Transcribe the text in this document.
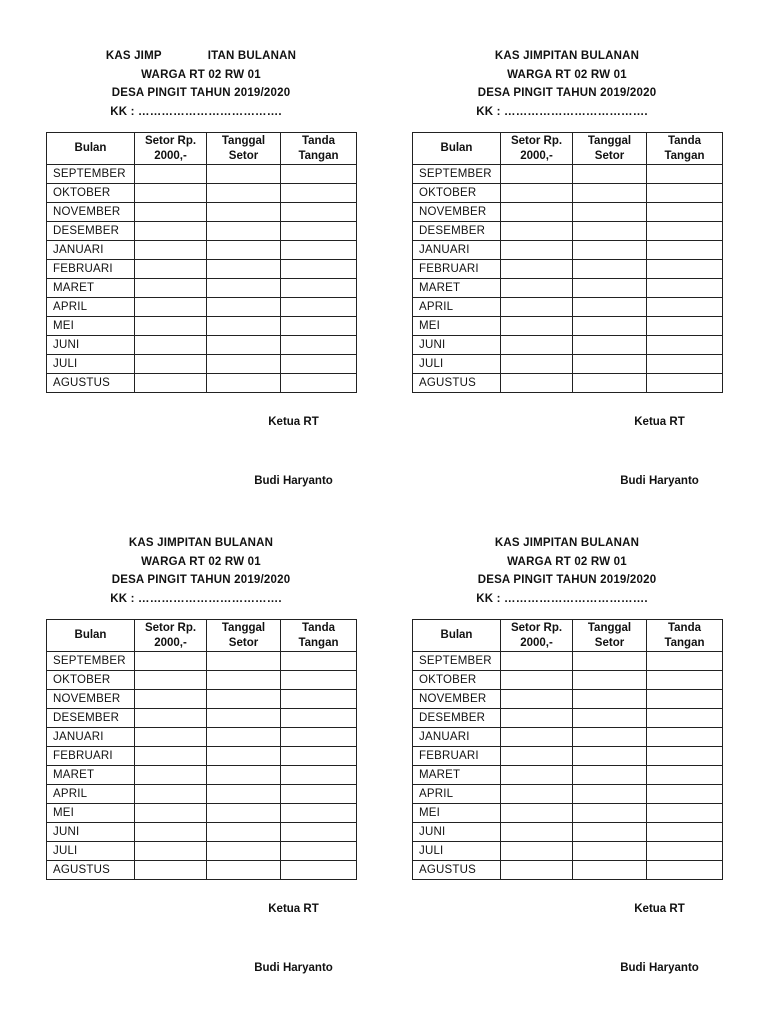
KAS JIMP	ITAN BULANAN
WARGA RT 02 RW 01
DESA PINGIT TAHUN 2019/2020
KK : ……………………………….
Bulan	Setor Rp. 2000,-	Tanggal Setor	Tanda Tangan
SEPTEMBER			
OKTOBER			
NOVEMBER			
DESEMBER			
JANUARI			
FEBRUARI			
MARET			
APRIL			
MEI			
JUNI			
JULI			
AGUSTUS			
Ketua RT
Budi Haryanto
KAS JIMPITAN BULANAN
WARGA RT 02 RW 01
DESA PINGIT TAHUN 2019/2020
KK : ……………………………….
Bulan	Setor Rp. 2000,-	Tanggal Setor	Tanda Tangan
SEPTEMBER			
OKTOBER			
NOVEMBER			
DESEMBER			
JANUARI			
FEBRUARI			
MARET			
APRIL			
MEI			
JUNI			
JULI			
AGUSTUS			
Ketua RT
Budi Haryanto
KAS JIMPITAN BULANAN
WARGA RT 02 RW 01
DESA PINGIT TAHUN 2019/2020
KK : ……………………………….
Bulan	Setor Rp. 2000,-	Tanggal Setor	Tanda Tangan
SEPTEMBER			
OKTOBER			
NOVEMBER			
DESEMBER			
JANUARI			
FEBRUARI			
MARET			
APRIL			
MEI			
JUNI			
JULI			
AGUSTUS			
Ketua RT
Budi Haryanto
KAS JIMPITAN BULANAN
WARGA RT 02 RW 01
DESA PINGIT TAHUN 2019/2020
KK : ……………………………….
Bulan	Setor Rp. 2000,-	Tanggal Setor	Tanda Tangan
SEPTEMBER			
OKTOBER			
NOVEMBER			
DESEMBER			
JANUARI			
FEBRUARI			
MARET			
APRIL			
MEI			
JUNI			
JULI			
AGUSTUS			
Ketua RT
Budi Haryanto
